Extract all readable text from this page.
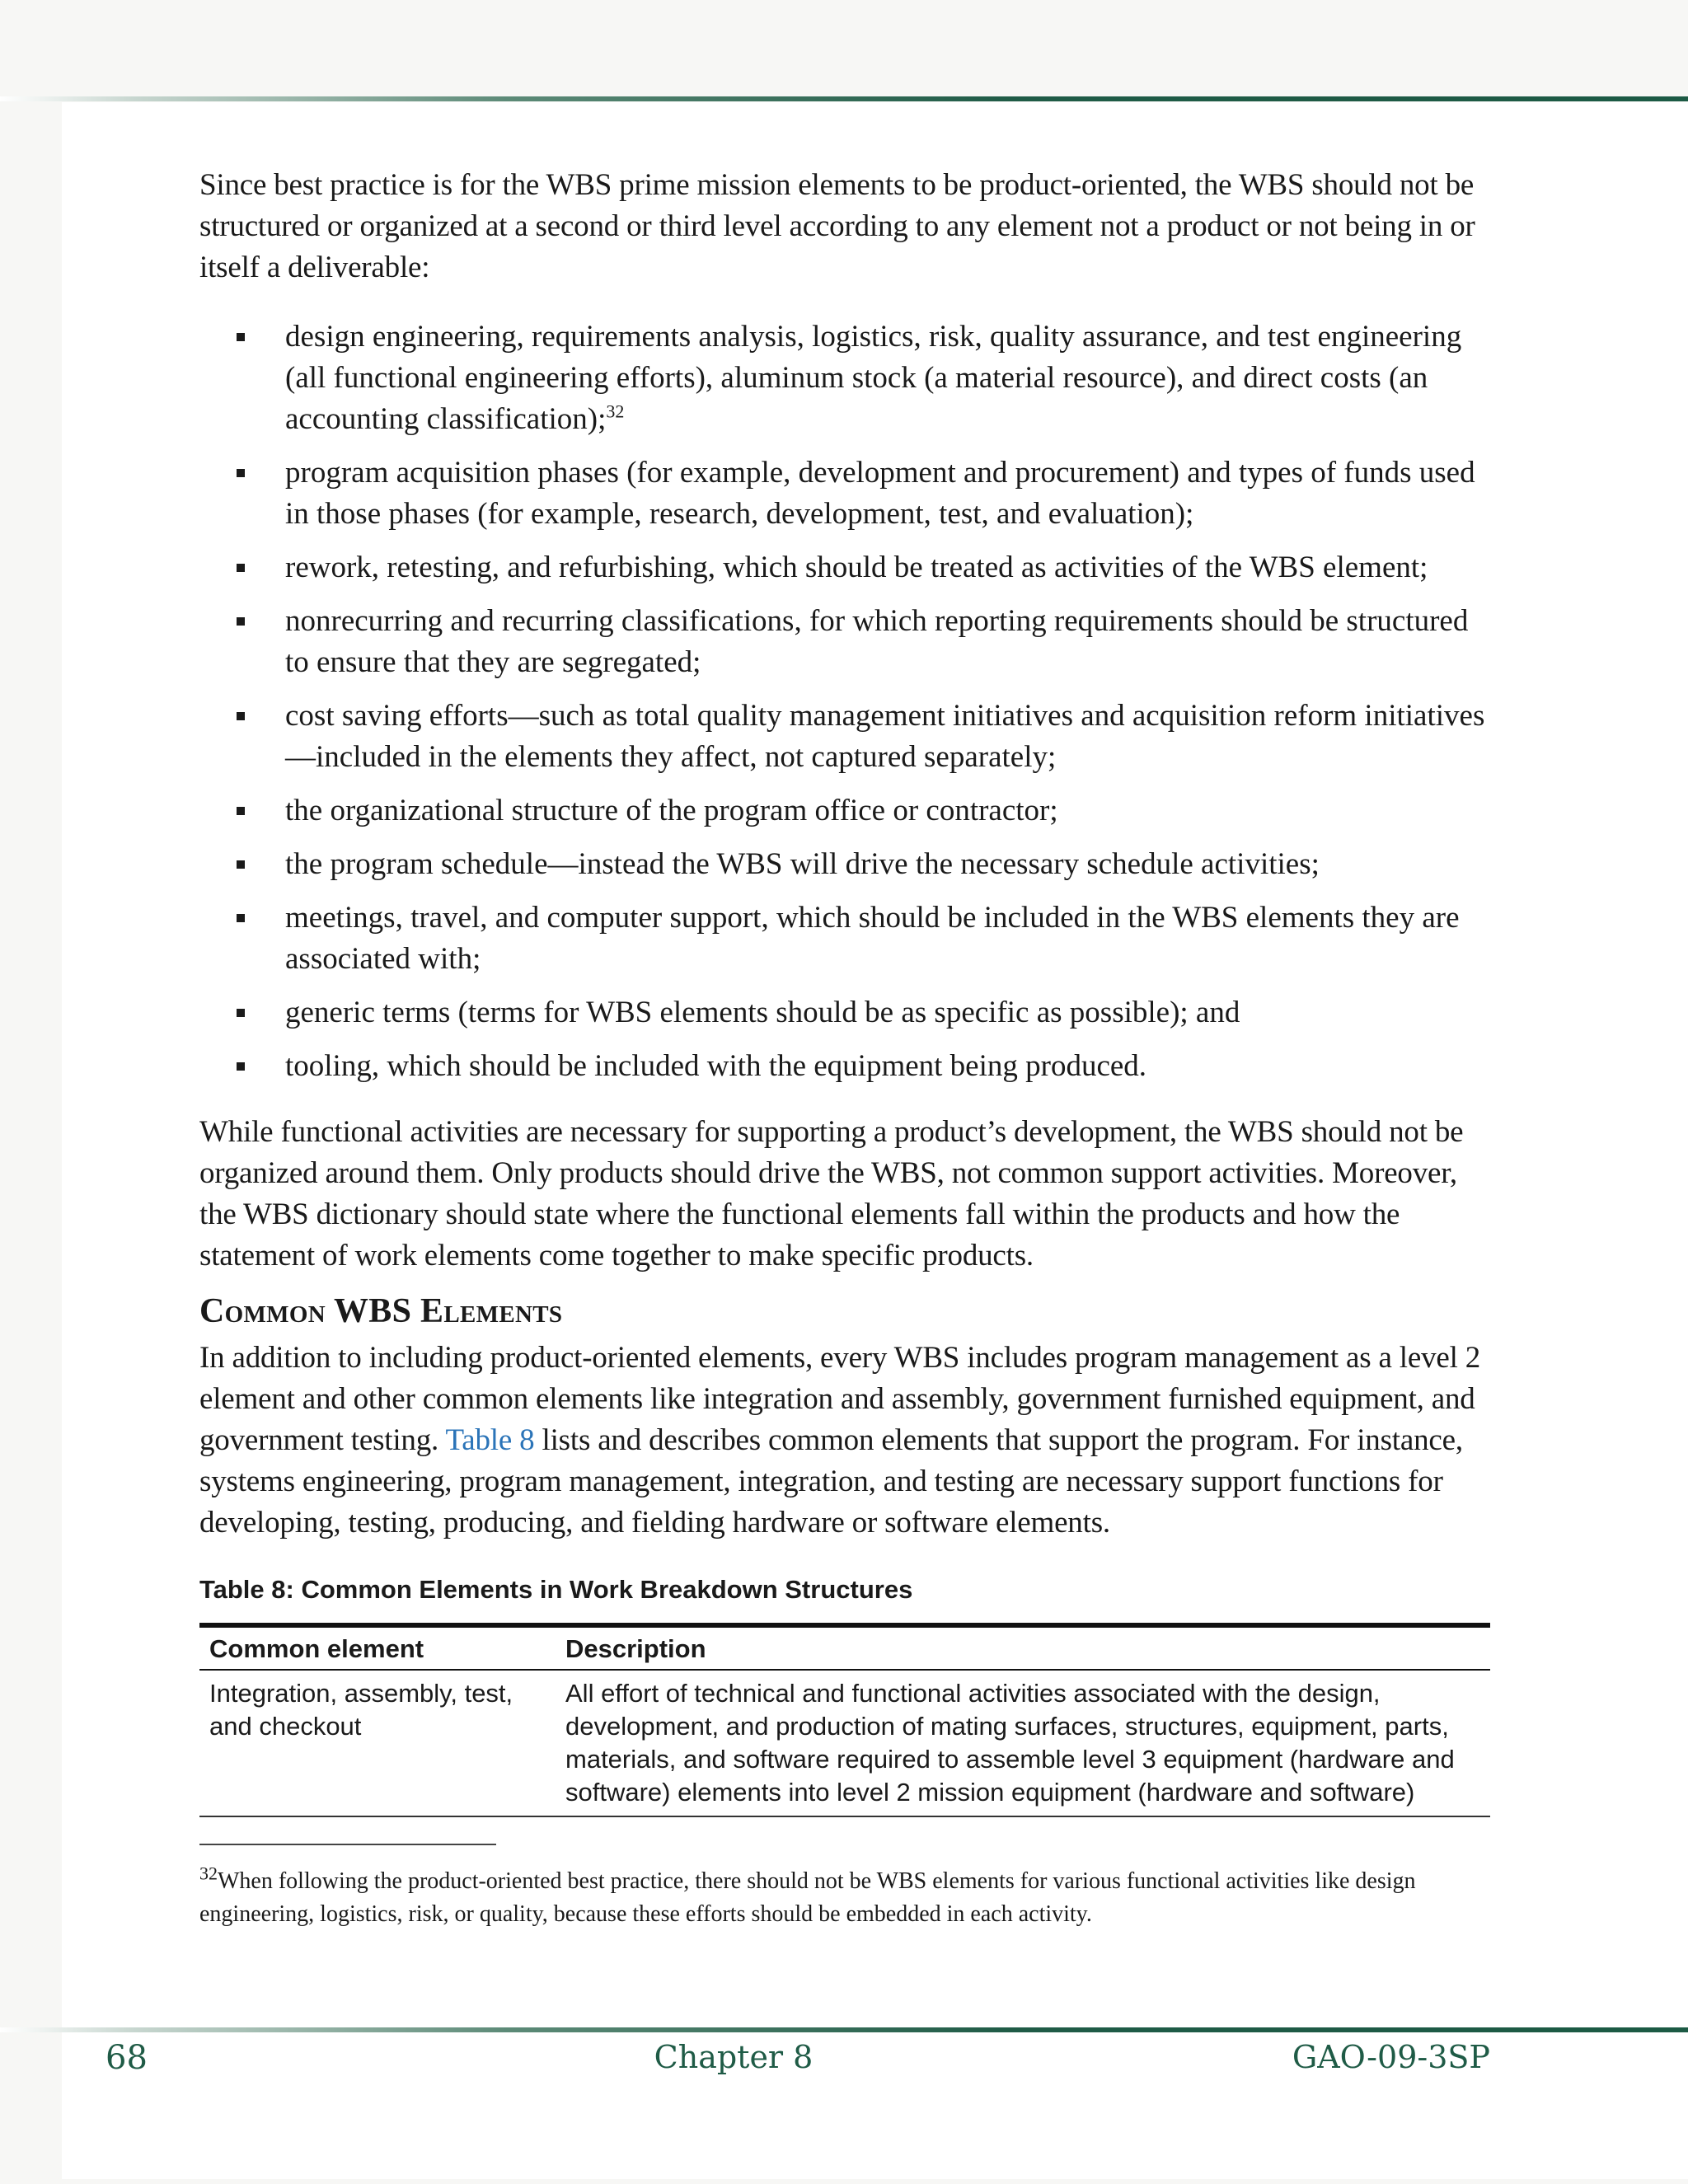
Since best practice is for the WBS prime mission elements to be product-oriented, the WBS should not be structured or organized at a second or third level according to any element not a product or not being in or itself a deliverable:

design engineering, requirements analysis, logistics, risk, quality assurance, and test engineering (all functional engineering efforts), aluminum stock (a material resource), and direct costs (an accounting classification);$^{32}$
program acquisition phases (for example, development and procurement) and types of funds used in those phases (for example, research, development, test, and evaluation);
rework, retesting, and refurbishing, which should be treated as activities of the WBS element;
nonrecurring and recurring classifications, for which reporting requirements should be structured to ensure that they are segregated;
cost saving efforts—such as total quality management initiatives and acquisition reform initiatives—included in the elements they affect, not captured separately;
the organizational structure of the program office or contractor;
the program schedule—instead the WBS will drive the necessary schedule activities;
meetings, travel, and computer support, which should be included in the WBS elements they are associated with;
generic terms (terms for WBS elements should be as specific as possible); and
tooling, which should be included with the equipment being produced.

While functional activities are necessary for supporting a product’s development, the WBS should not be organized around them. Only products should drive the WBS, not common support activities. Moreover, the WBS dictionary should state where the functional elements fall within the products and how the statement of work elements come together to make specific products.

Common WBS Elements

In addition to including product-oriented elements, every WBS includes program management as a level 2 element and other common elements like integration and assembly, government furnished equipment, and government testing. Table 8 lists and describes common elements that support the program. For instance, systems engineering, program management, integration, and testing are necessary support functions for developing, testing, producing, and fielding hardware or software elements.

Table 8: Common Elements in Work Breakdown Structures

Common element	Description
Integration, assembly, test, and checkout	All effort of technical and functional activities associated with the design, development, and production of mating surfaces, structures, equipment, parts, materials, and software required to assemble level 3 equipment (hardware and software) elements into level 2 mission equipment (hardware and software)

$^{32}$When following the product-oriented best practice, there should not be WBS elements for various functional activities like design engineering, logistics, risk, or quality, because these efforts should be embedded in each activity.

68	Chapter 8	GAO-09-3SP
